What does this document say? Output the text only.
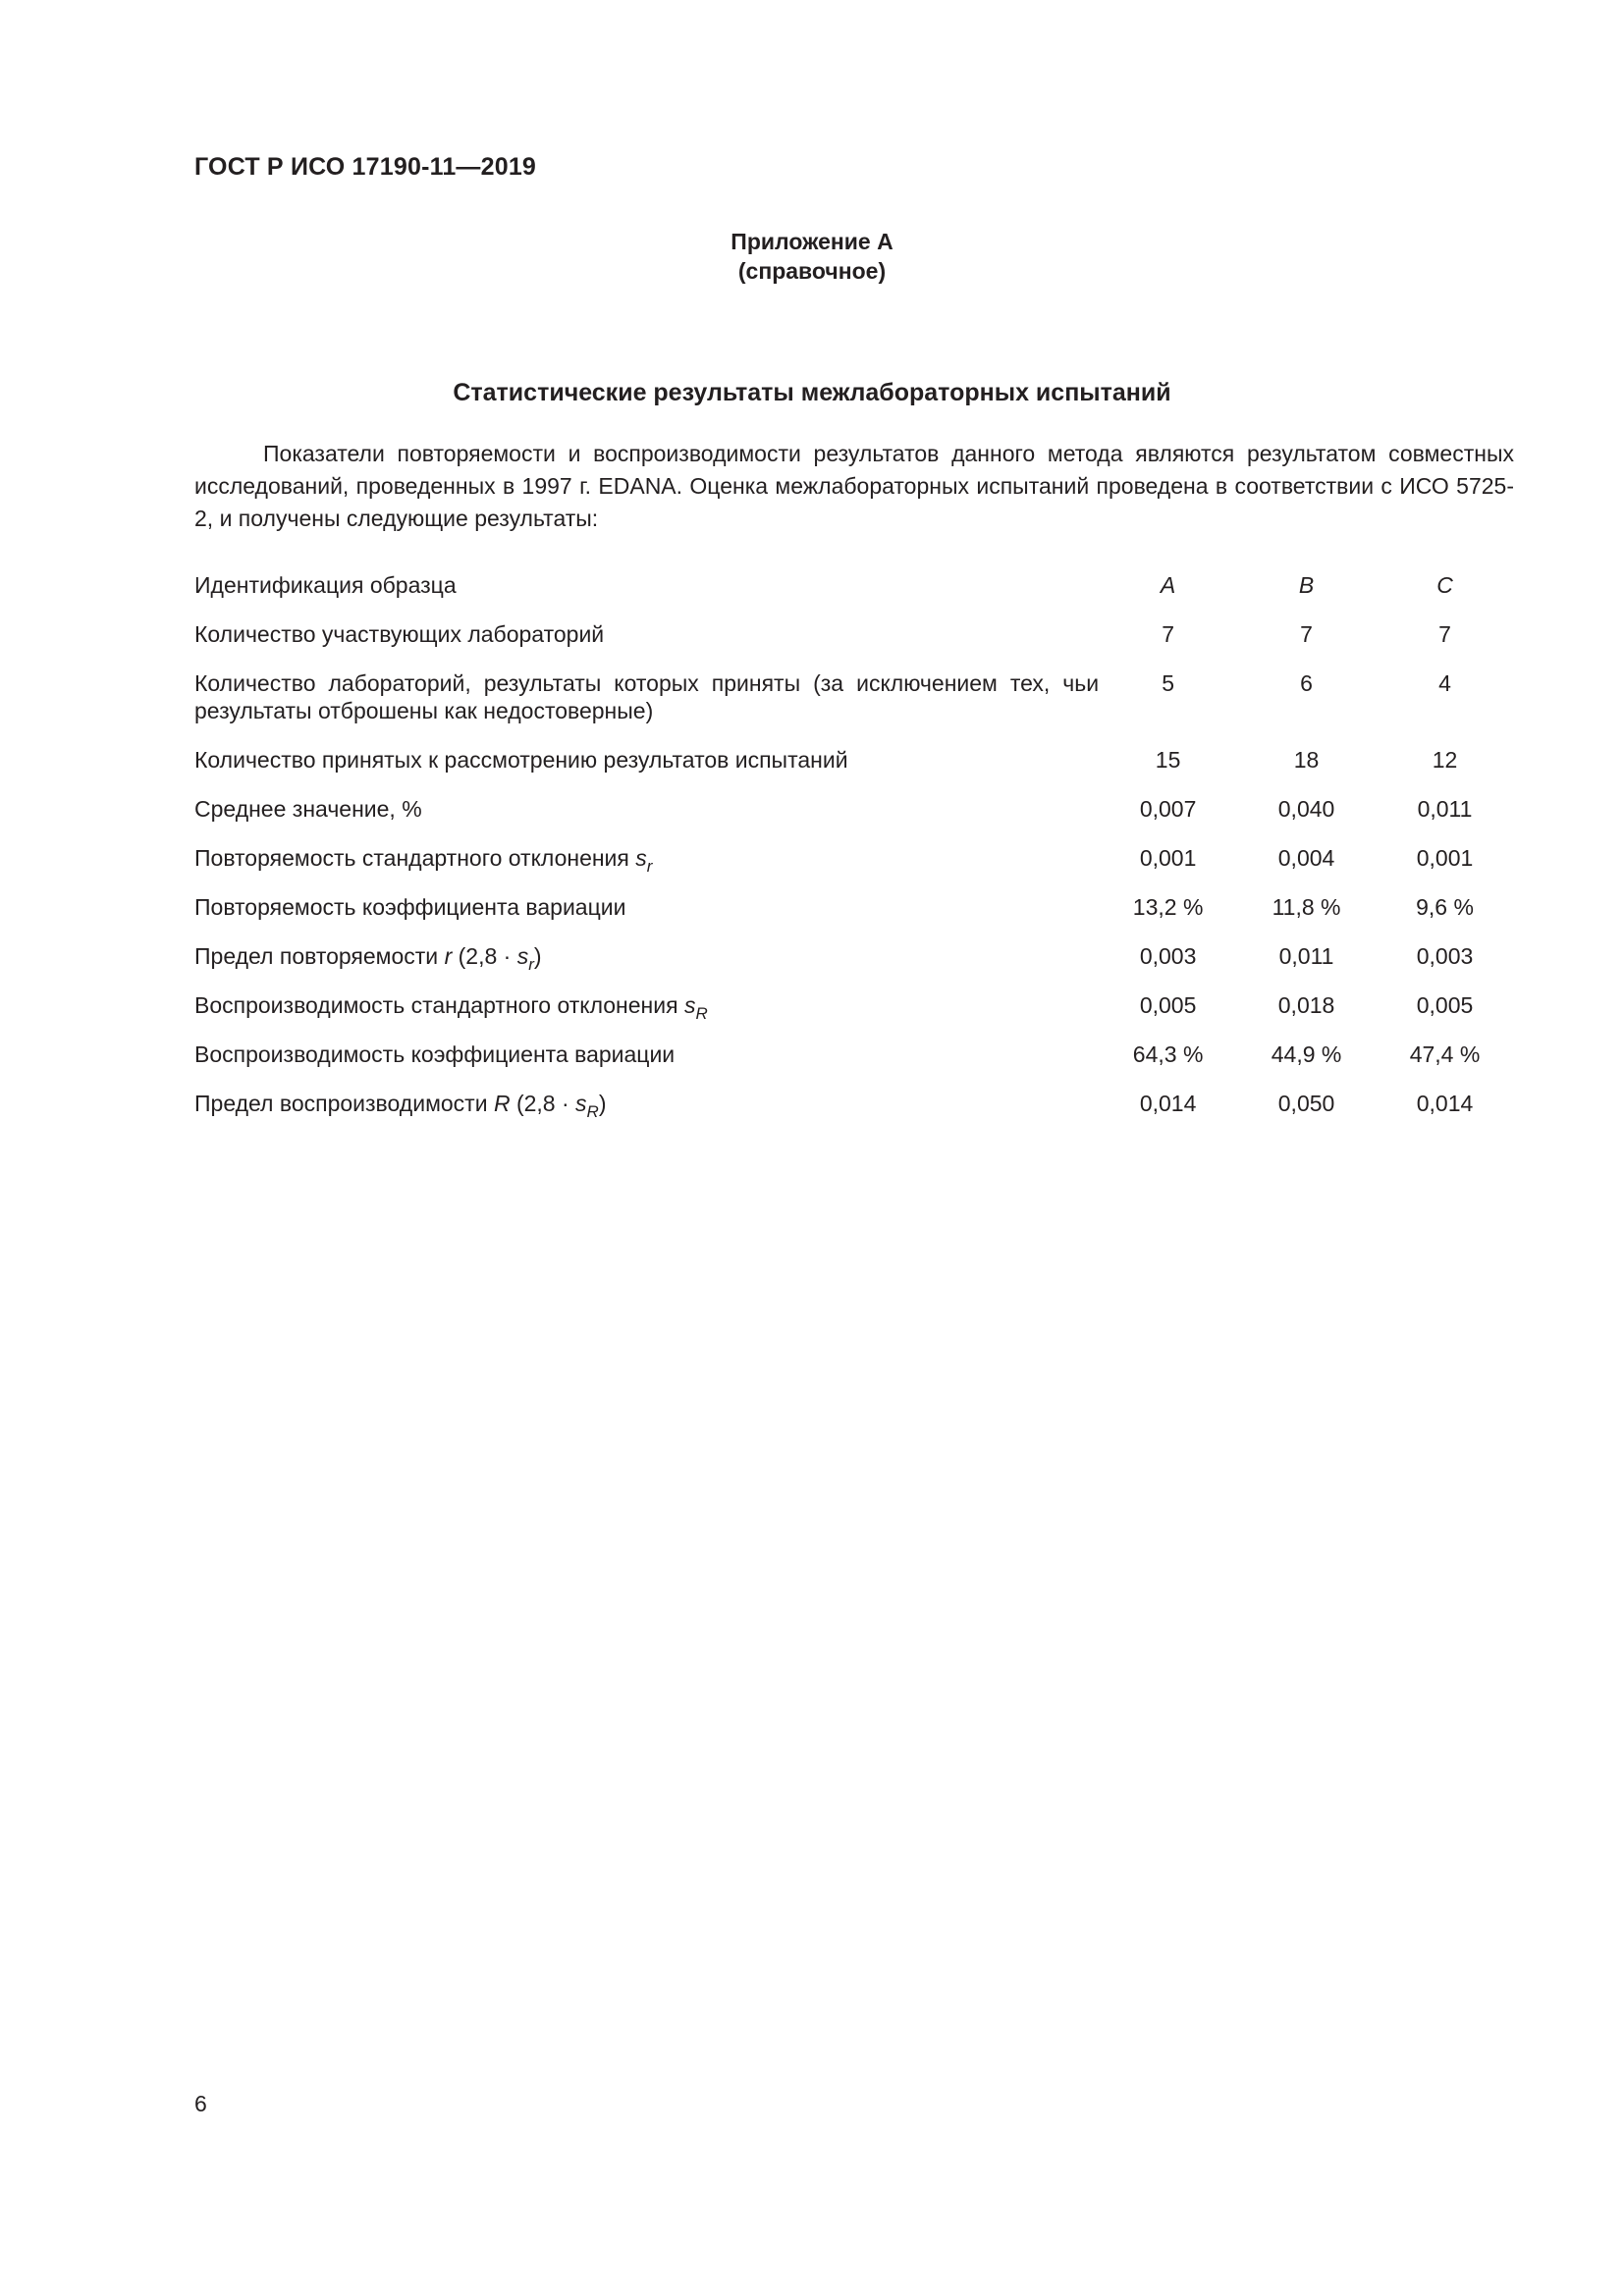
ГОСТ Р ИСО 17190-11—2019
Приложение А
(справочное)
Статистические результаты межлабораторных испытаний

Показатели повторяемости и воспроизводимости результатов данного метода являются результатом совместных исследований, проведенных в 1997 г. EDANA. Оценка межлабораторных испытаний проведена в соответствии с ИСО 5725-2, и получены следующие результаты:

Идентификация образца	A	B	C
Количество участвующих лабораторий	7	7	7
Количество лабораторий, результаты которых приняты (за исключением тех, чьи результаты отброшены как недостоверные)	5	6	4
Количество принятых к рассмотрению результатов испытаний	15	18	12
Среднее значение, %	0,007	0,040	0,011
Повторяемость стандартного отклонения $s_r$	0,001	0,004	0,001
Повторяемость коэффициента вариации	13,2 %	11,8 %	9,6 %
Предел повторяемости r $(2,8 \cdot s_r)$	0,003	0,011	0,003
Воспроизводимость стандартного отклонения $s_R$	0,005	0,018	0,005
Воспроизводимость коэффициента вариации	64,3 %	44,9 %	47,4 %
Предел воспроизводимости R $(2,8 \cdot s_R)$	0,014	0,050	0,014
6
